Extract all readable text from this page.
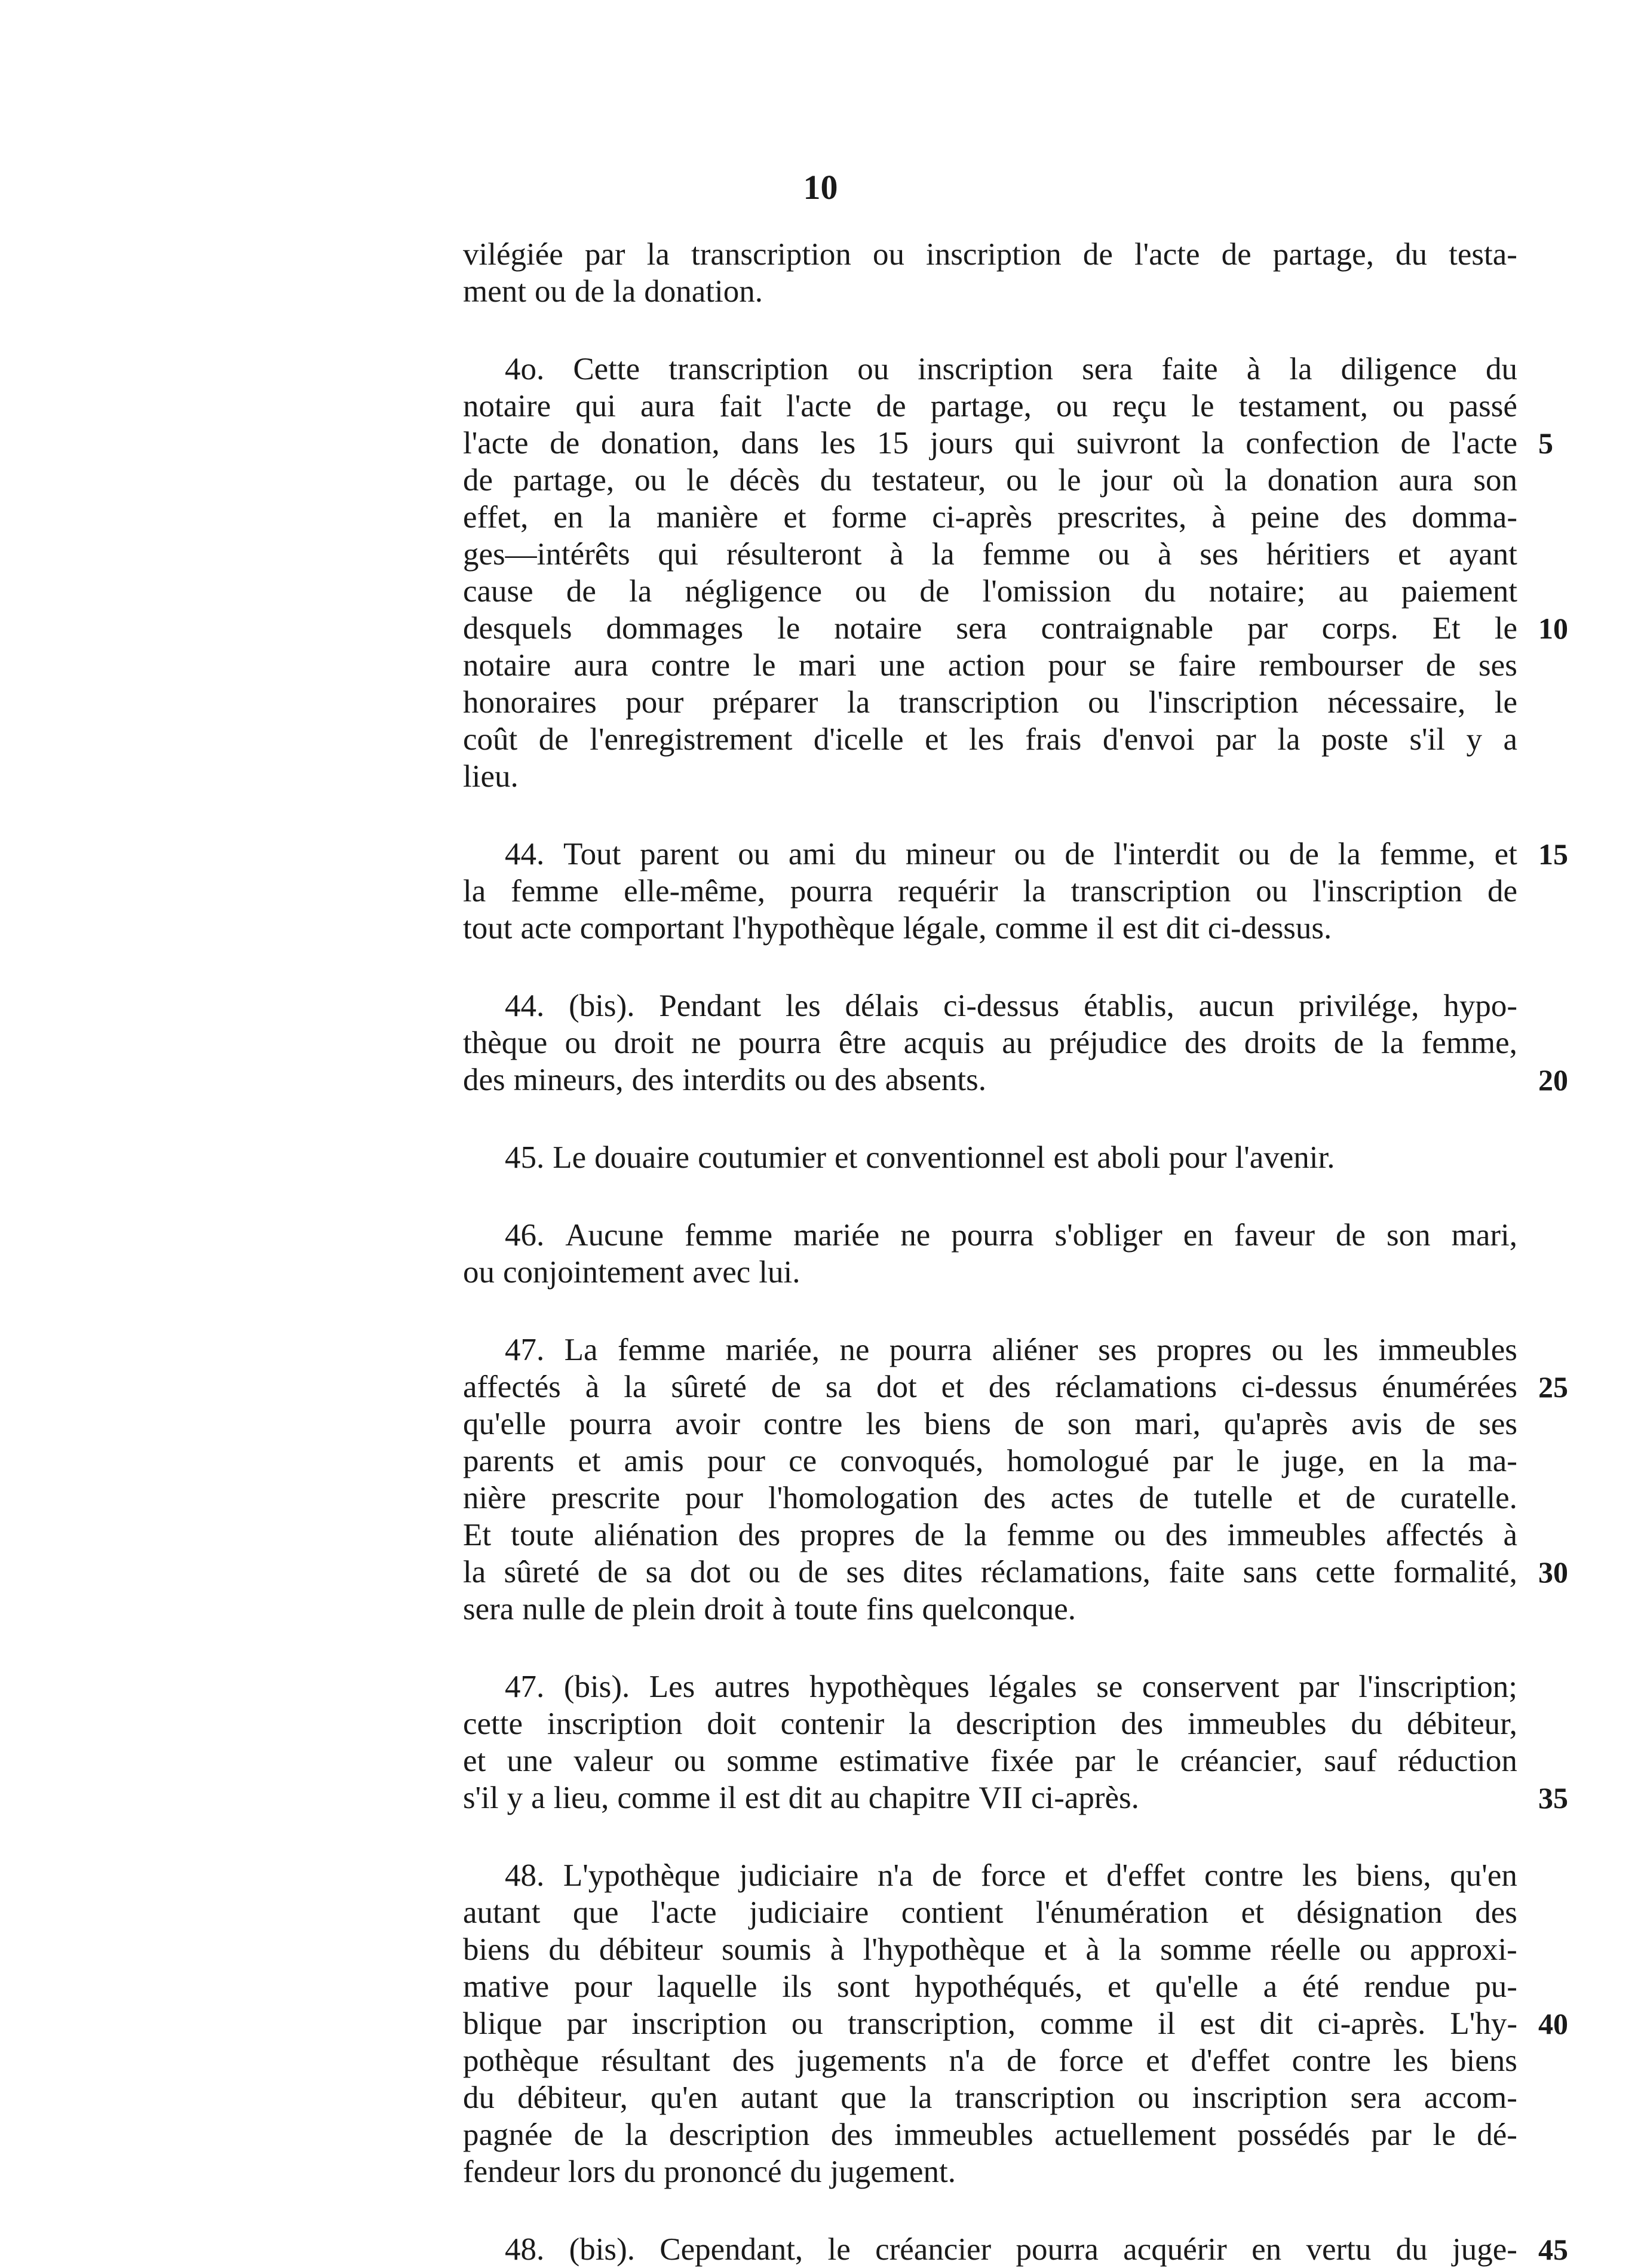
10
vilégiée par la transcription ou inscription de l'acte de partage, du testa-
ment ou de la donation.
4o. Cette transcription ou inscription sera faite à la diligence du
notaire qui aura fait l'acte de partage, ou reçu le testament, ou passé
l'acte de donation, dans les 15 jours qui suivront la confection de l'acte 5
de partage, ou le décès du testateur, ou le jour où la donation aura son
effet, en la manière et forme ci-après prescrites, à peine des domma-
ges—intérêts qui résulteront à la femme ou à ses héritiers et ayant
cause de la négligence ou de l'omission du notaire; au paiement
desquels dommages le notaire sera contraignable par corps. Et le 10
notaire aura contre le mari une action pour se faire rembourser de ses
honoraires pour préparer la transcription ou l'inscription nécessaire, le
coût de l'enregistrement d'icelle et les frais d'envoi par la poste s'il y a
lieu.
44. Tout parent ou ami du mineur ou de l'interdit ou de la femme, et 15
la femme elle-même, pourra requérir la transcription ou l'inscription de
tout acte comportant l'hypothèque légale, comme il est dit ci-dessus.
44. (bis). Pendant les délais ci-dessus établis, aucun privilége, hypo-
thèque ou droit ne pourra être acquis au préjudice des droits de la femme,
des mineurs, des interdits ou des absents.	20
45. Le douaire coutumier et conventionnel est aboli pour l'avenir.
46. Aucune femme mariée ne pourra s'obliger en faveur de son mari,
ou conjointement avec lui.
47. La femme mariée, ne pourra aliéner ses propres ou les immeubles
affectés à la sûreté de sa dot et des réclamations ci-dessus énumérées 25
qu'elle pourra avoir contre les biens de son mari, qu'après avis de ses
parents et amis pour ce convoqués, homologué par le juge, en la ma-
nière prescrite pour l'homologation des actes de tutelle et de curatelle.
Et toute aliénation des propres de la femme ou des immeubles affectés à
la sûreté de sa dot ou de ses dites réclamations, faite sans cette formalité, 30
sera nulle de plein droit à toute fins quelconque.
47. (bis). Les autres hypothèques légales se conservent par l'inscription;
cette inscription doit contenir la description des immeubles du débiteur,
et une valeur ou somme estimative fixée par le créancier, sauf réduction
s'il y a lieu, comme il est dit au chapitre VII ci-après.	35
48. L'ypothèque judiciaire n'a de force et d'effet contre les biens, qu'en
autant que l'acte judiciaire contient l'énumération et désignation des
biens du débiteur soumis à l'hypothèque et à la somme réelle ou approxi-
mative pour laquelle ils sont hypothéqués, et qu'elle a été rendue pu-
blique par inscription ou transcription, comme il est dit ci-après. L'hy- 40
pothèque résultant des jugements n'a de force et d'effet contre les biens
du débiteur, qu'en autant que la transcription ou inscription sera accom-
pagnée de la description des immeubles actuellement possédés par le dé-
fendeur lors du prononcé du jugement.
48. (bis). Cependant, le créancier pourra acquérir en vertu du juge- 45
